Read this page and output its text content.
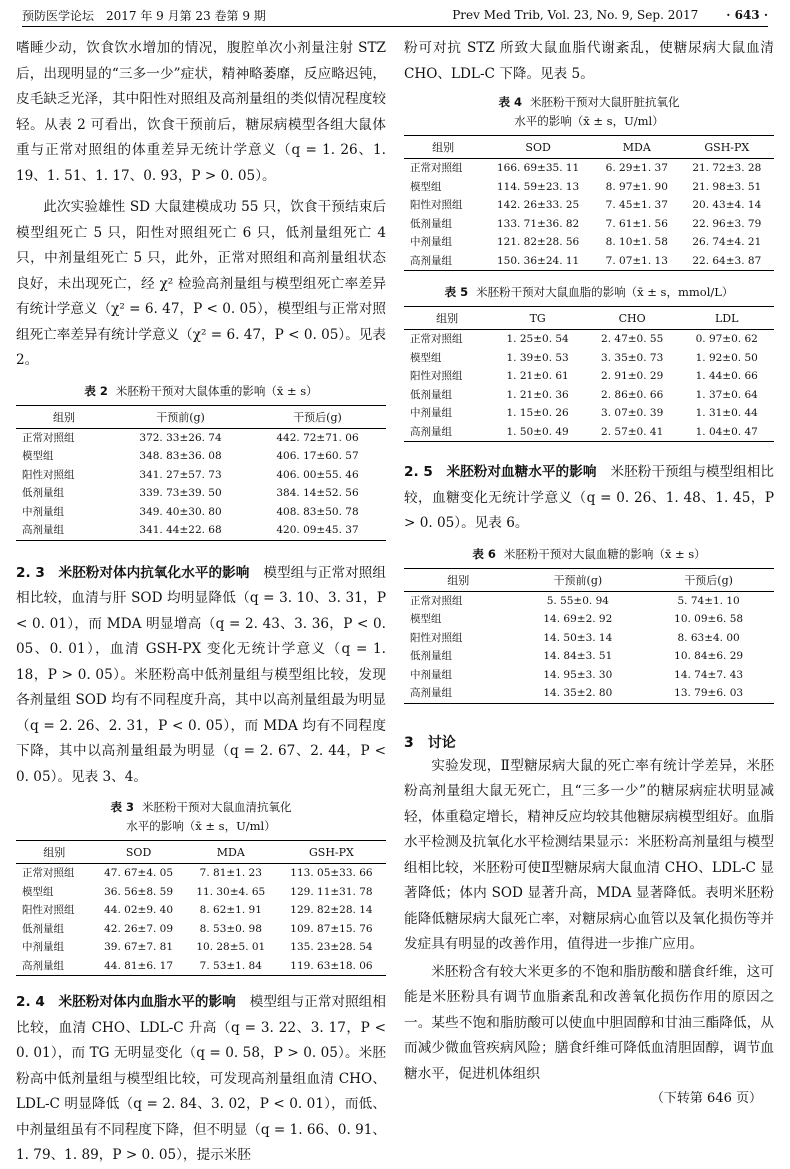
预防医学论坛　2017 年 9 月第 23 卷第 9 期	Prev Med Trib, Vol. 23, No. 9, Sep. 2017 · 643 ·

嗜睡少动，饮食饮水增加的情况，腹腔单次小剂量注射 STZ 后，出现明显的“三多一少”症状，精神略萎靡，反应略迟钝，皮毛缺乏光泽，其中阳性对照组及高剂量组的类似情况程度较轻。从表 2 可看出，饮食干预前后，糖尿病模型各组大鼠体重与正常对照组的体重差异无统计学意义（q = 1. 26、1. 19、1. 51、1. 17、0. 93，P > 0. 05）。

此次实验雄性 SD 大鼠建模成功 55 只，饮食干预结束后模型组死亡 5 只，阳性对照组死亡 6 只，低剂量组死亡 4 只，中剂量组死亡 5 只，此外，正常对照组和高剂量组状态良好，未出现死亡，经 χ² 检验高剂量组与模型组死亡率差异有统计学意义（χ² = 6. 47，P < 0. 05），模型组与正常对照组死亡率差异有统计学意义（χ² = 6. 47，P < 0. 05）。见表 2。

表 2 米胚粉干预对大鼠体重的影响（x̄ ± s）

组别	干预前(g)	干预后(g)
正常对照组	372. 33±26. 74	442. 72±71. 06
模型组	348. 83±36. 08	406. 17±60. 57
阳性对照组	341. 27±57. 73	406. 00±55. 46
低剂量组	339. 73±39. 50	384. 14±52. 56
中剂量组	349. 40±30. 80	408. 83±50. 78
高剂量组	341. 44±22. 68	420. 09±45. 37

2. 3　米胚粉对体内抗氧化水平的影响 模型组与正常对照组相比较，血清与肝 SOD 均明显降低（q = 3. 10、3. 31，P < 0. 01），而 MDA 明显增高（q = 2. 43、3. 36，P < 0. 05、0. 01），血清 GSH-PX 变化无统计学意义（q = 1. 18，P > 0. 05）。米胚粉高中低剂量组与模型组比较，发现各剂量组 SOD 均有不同程度升高，其中以高剂量组最为明显（q = 2. 26、2. 31，P < 0. 05），而 MDA 均有不同程度下降，其中以高剂量组最为明显（q = 2. 67、2. 44，P < 0. 05）。见表 3、4。

表 3 米胚粉干预对大鼠血清抗氧化
水平的影响（x̄ ± s，U/ml）

组别	SOD	MDA	GSH-PX
正常对照组	47. 67±4. 05	7. 81±1. 23	113. 05±33. 66
模型组	36. 56±8. 59	11. 30±4. 65	129. 11±31. 78
阳性对照组	44. 02±9. 40	8. 62±1. 91	129. 82±28. 14
低剂量组	42. 26±7. 09	8. 53±0. 98	109. 87±15. 76
中剂量组	39. 67±7. 81	10. 28±5. 01	135. 23±28. 54
高剂量组	44. 81±6. 17	7. 53±1. 84	119. 63±18. 06

2. 4　米胚粉对体内血脂水平的影响 模型组与正常对照组相比较，血清 CHO、LDL-C 升高（q = 3. 22、3. 17，P < 0. 01），而 TG 无明显变化（q = 0. 58，P > 0. 05）。米胚粉高中低剂量组与模型组比较，可发现高剂量组血清 CHO、LDL-C 明显降低（q = 2. 84、3. 02，P < 0. 01），而低、中剂量组虽有不同程度下降，但不明显（q = 1. 66、0. 91、1. 79、1. 89，P > 0. 05），提示米胚

粉可对抗 STZ 所致大鼠血脂代谢紊乱，使糖尿病大鼠血清 CHO、LDL-C 下降。见表 5。

表 4 米胚粉干预对大鼠肝脏抗氧化
水平的影响（x̄ ± s，U/ml）

组别	SOD	MDA	GSH-PX
正常对照组	166. 69±35. 11	6. 29±1. 37	21. 72±3. 28
模型组	114. 59±23. 13	8. 97±1. 90	21. 98±3. 51
阳性对照组	142. 26±33. 25	7. 45±1. 37	20. 43±4. 14
低剂量组	133. 71±36. 82	7. 61±1. 56	22. 96±3. 79
中剂量组	121. 82±28. 56	8. 10±1. 58	26. 74±4. 21
高剂量组	150. 36±24. 11	7. 07±1. 13	22. 64±3. 87

表 5 米胚粉干预对大鼠血脂的影响（x̄ ± s，mmol/L）

组别	TG	CHO	LDL
正常对照组	1. 25±0. 54	2. 47±0. 55	0. 97±0. 62
模型组	1. 39±0. 53	3. 35±0. 73	1. 92±0. 50
阳性对照组	1. 21±0. 61	2. 91±0. 29	1. 44±0. 66
低剂量组	1. 21±0. 36	2. 86±0. 66	1. 37±0. 64
中剂量组	1. 15±0. 26	3. 07±0. 39	1. 31±0. 44
高剂量组	1. 50±0. 49	2. 57±0. 41	1. 04±0. 47

2. 5　米胚粉对血糖水平的影响 米胚粉干预组与模型组相比较，血糖变化无统计学意义（q = 0. 26、1. 48、1. 45，P > 0. 05）。见表 6。

表 6 米胚粉干预对大鼠血糖的影响（x̄ ± s）

组别	干预前(g)	干预后(g)
正常对照组	5. 55±0. 94	5. 74±1. 10
模型组	14. 69±2. 92	10. 09±6. 58
阳性对照组	14. 50±3. 14	8. 63±4. 00
低剂量组	14. 84±3. 51	10. 84±6. 29
中剂量组	14. 95±3. 30	14. 74±7. 43
高剂量组	14. 35±2. 80	13. 79±6. 03

3 讨论

实验发现，Ⅱ型糖尿病大鼠的死亡率有统计学差异，米胚粉高剂量组大鼠无死亡，且“三多一少”的糖尿病症状明显减轻，体重稳定增长，精神反应均较其他糖尿病模型组好。血脂水平检测及抗氧化水平检测结果显示：米胚粉高剂量组与模型组相比较，米胚粉可使Ⅱ型糖尿病大鼠血清 CHO、LDL-C 显著降低；体内 SOD 显著升高，MDA 显著降低。表明米胚粉能降低糖尿病大鼠死亡率，对糖尿病心血管以及氧化损伤等并发症具有明显的改善作用，值得进一步推广应用。

米胚粉含有较大米更多的不饱和脂肪酸和膳食纤维，这可能是米胚粉具有调节血脂紊乱和改善氧化损伤作用的原因之一。某些不饱和脂肪酸可以使血中胆固醇和甘油三酯降低，从而减少微血管疾病风险；膳食纤维可降低血清胆固醇，调节血糖水平，促进机体组织

（下转第 646 页）
